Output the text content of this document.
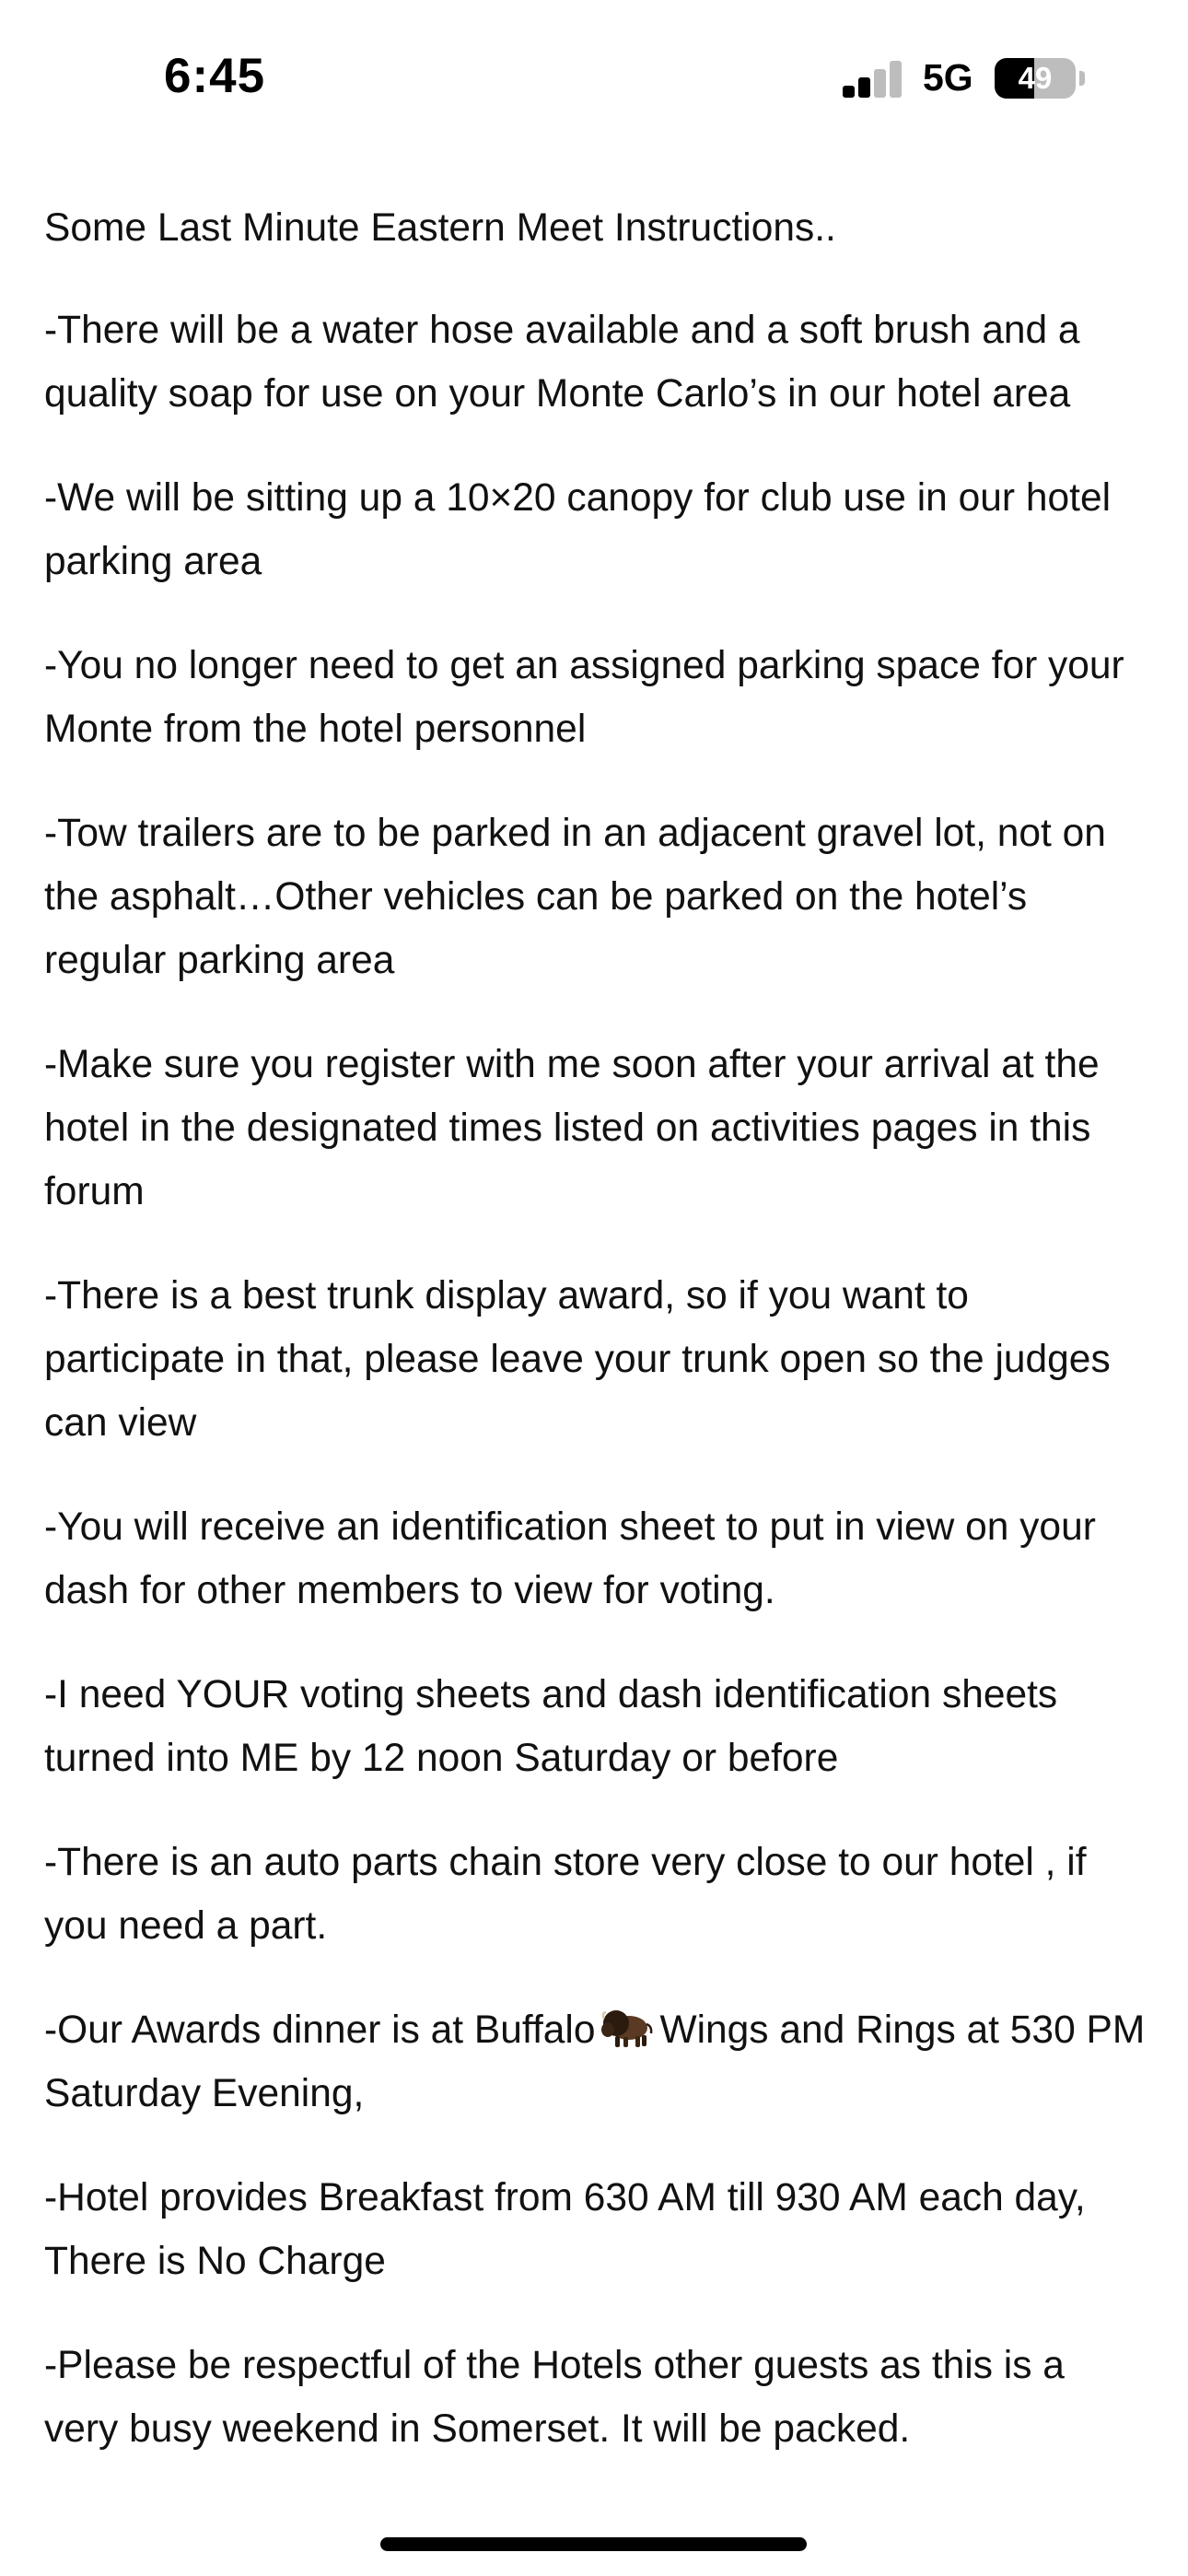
6:45	5G	49

Some Last Minute Eastern Meet Instructions..

-There will be a water hose available and a soft brush and a quality soap for use on your Monte Carlo’s in our hotel area

-We will be sitting up a 10×20 canopy for club use in our hotel parking area

-You no longer need to get an assigned parking space for your Monte from the hotel personnel

-Tow trailers are to be parked in an adjacent gravel lot, not on the asphalt…Other vehicles can be parked on the hotel’s regular parking area

-Make sure you register with me soon after your arrival at the hotel in the designated times listed on activities pages in this forum

-There is a best trunk display award, so if you want to participate in that, please leave your trunk open so the judges can view

-You will receive an identification sheet to put in view on your dash for other members to view for voting.

-I need YOUR voting sheets and dash identification sheets turned into ME by 12 noon Saturday or before

-There is an auto parts chain store very close to our hotel , if you need a part.

-Our Awards dinner is at Buffalo Wings and Rings at 530 PM Saturday Evening,

-Hotel provides Breakfast from 630 AM till 930 AM each day, There is No Charge

-Please be respectful of the Hotels other guests as this is a very busy weekend in Somerset. It will be packed.
